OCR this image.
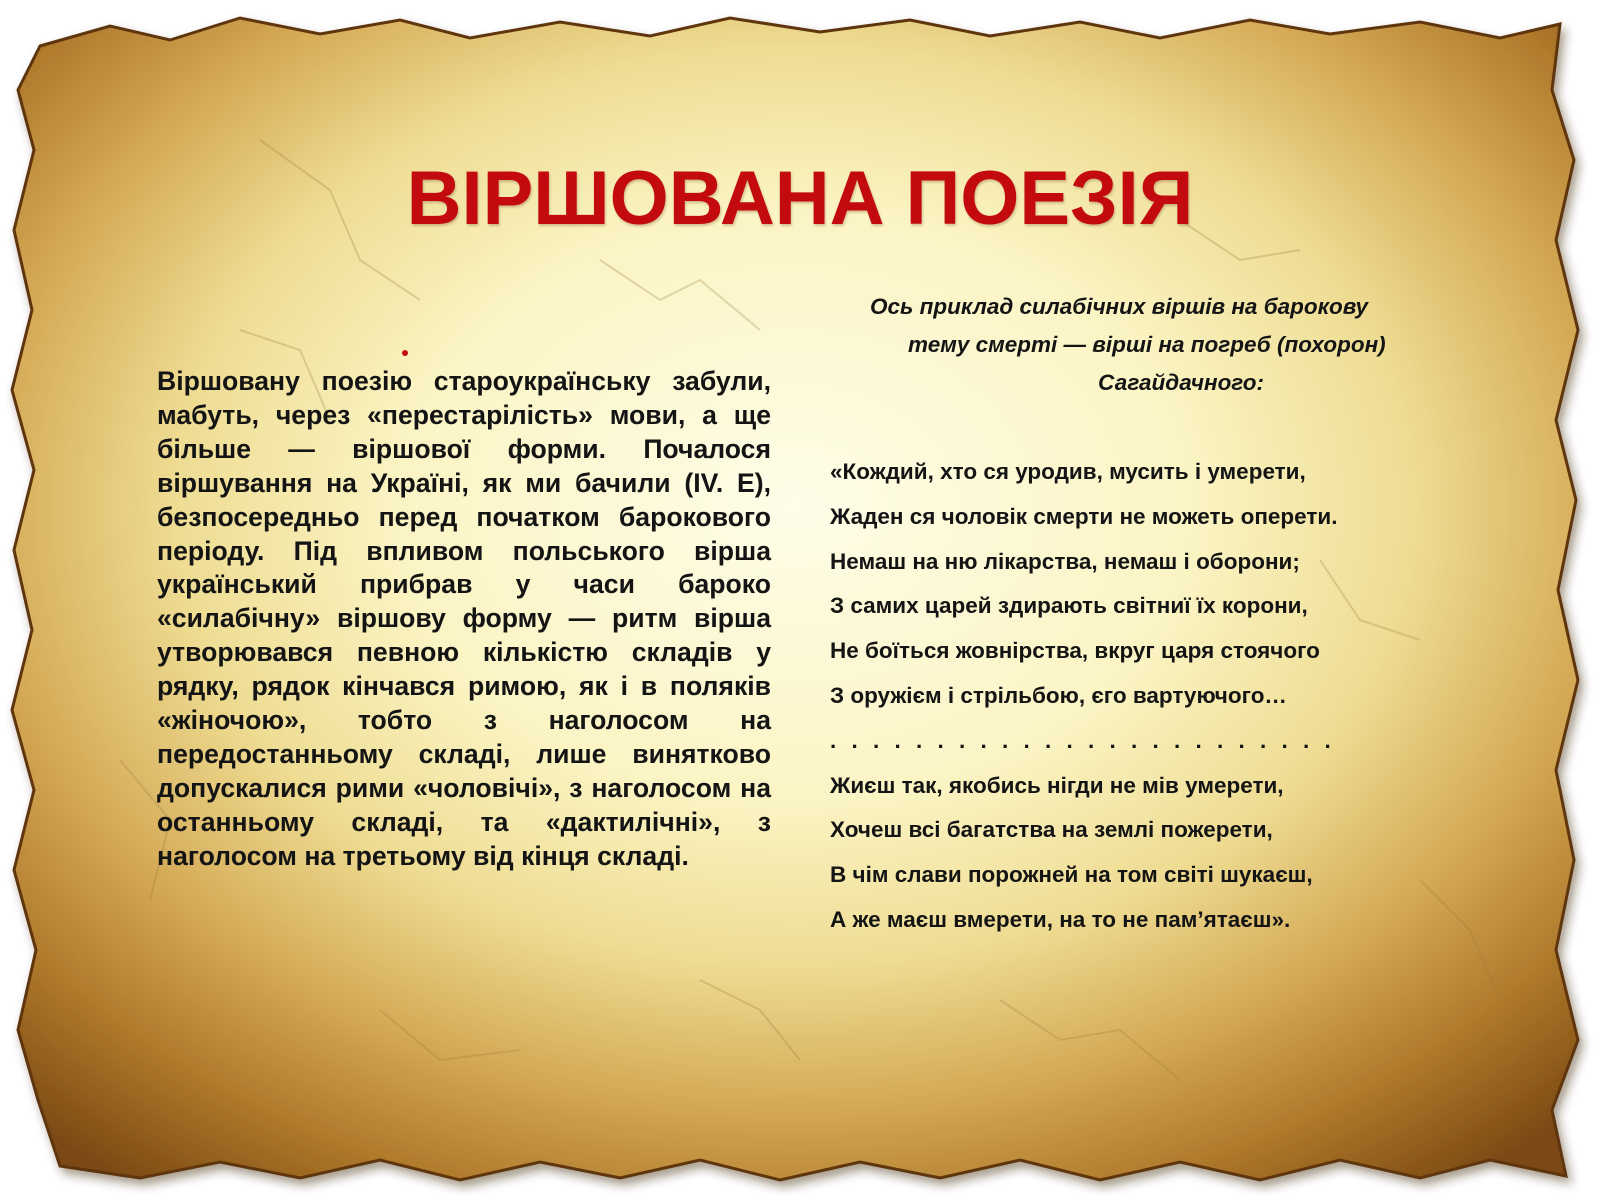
ВІРШОВАНА ПОЕЗІЯ

Віршовану поезію староукраїнську забули, мабуть, через «перестарілість» мови, а ще більше — віршової форми. Почалося віршування на Україні, як ми бачили (IV. Е), безпосередньо перед початком барокового періоду. Під впливом польського вірша український прибрав у часи бароко «силабічну» віршову форму — ритм вірша утворювався певною кількістю складів у рядку, рядок кінчався римою, як і в поляків «жіночою», тобто з наголосом на передостанньому складі, лише винятково допускалися рими «чоловічі», з наголосом на останньому складі, та «дактилічні», з наголосом на третьому від кінця складі.

Ось приклад силабічних віршів на барокову
тему смерті — вірші на погреб (похорон)
Сагайдачного:
«Кождий, хто ся уродив, мусить і умерети,
Жаден ся чоловік смерти не можеть оперети.
Немаш на ню лікарства, немаш і оборони;
З самих царей здирають світниї їх корони,
Не боїться жовнірства, вкруг царя стоячого
З оружієм і стрільбою, єго вартуючого…
. . . . . . . . . . . . . . . . . . . . . . . .
Жиєш так, якобись нігди не мів умерети,
Хочеш всі багатства на землі пожерети,
В чім слави порожней на том світі шукаєш,
А же маєш вмерети, на то не пам’ятаєш».
